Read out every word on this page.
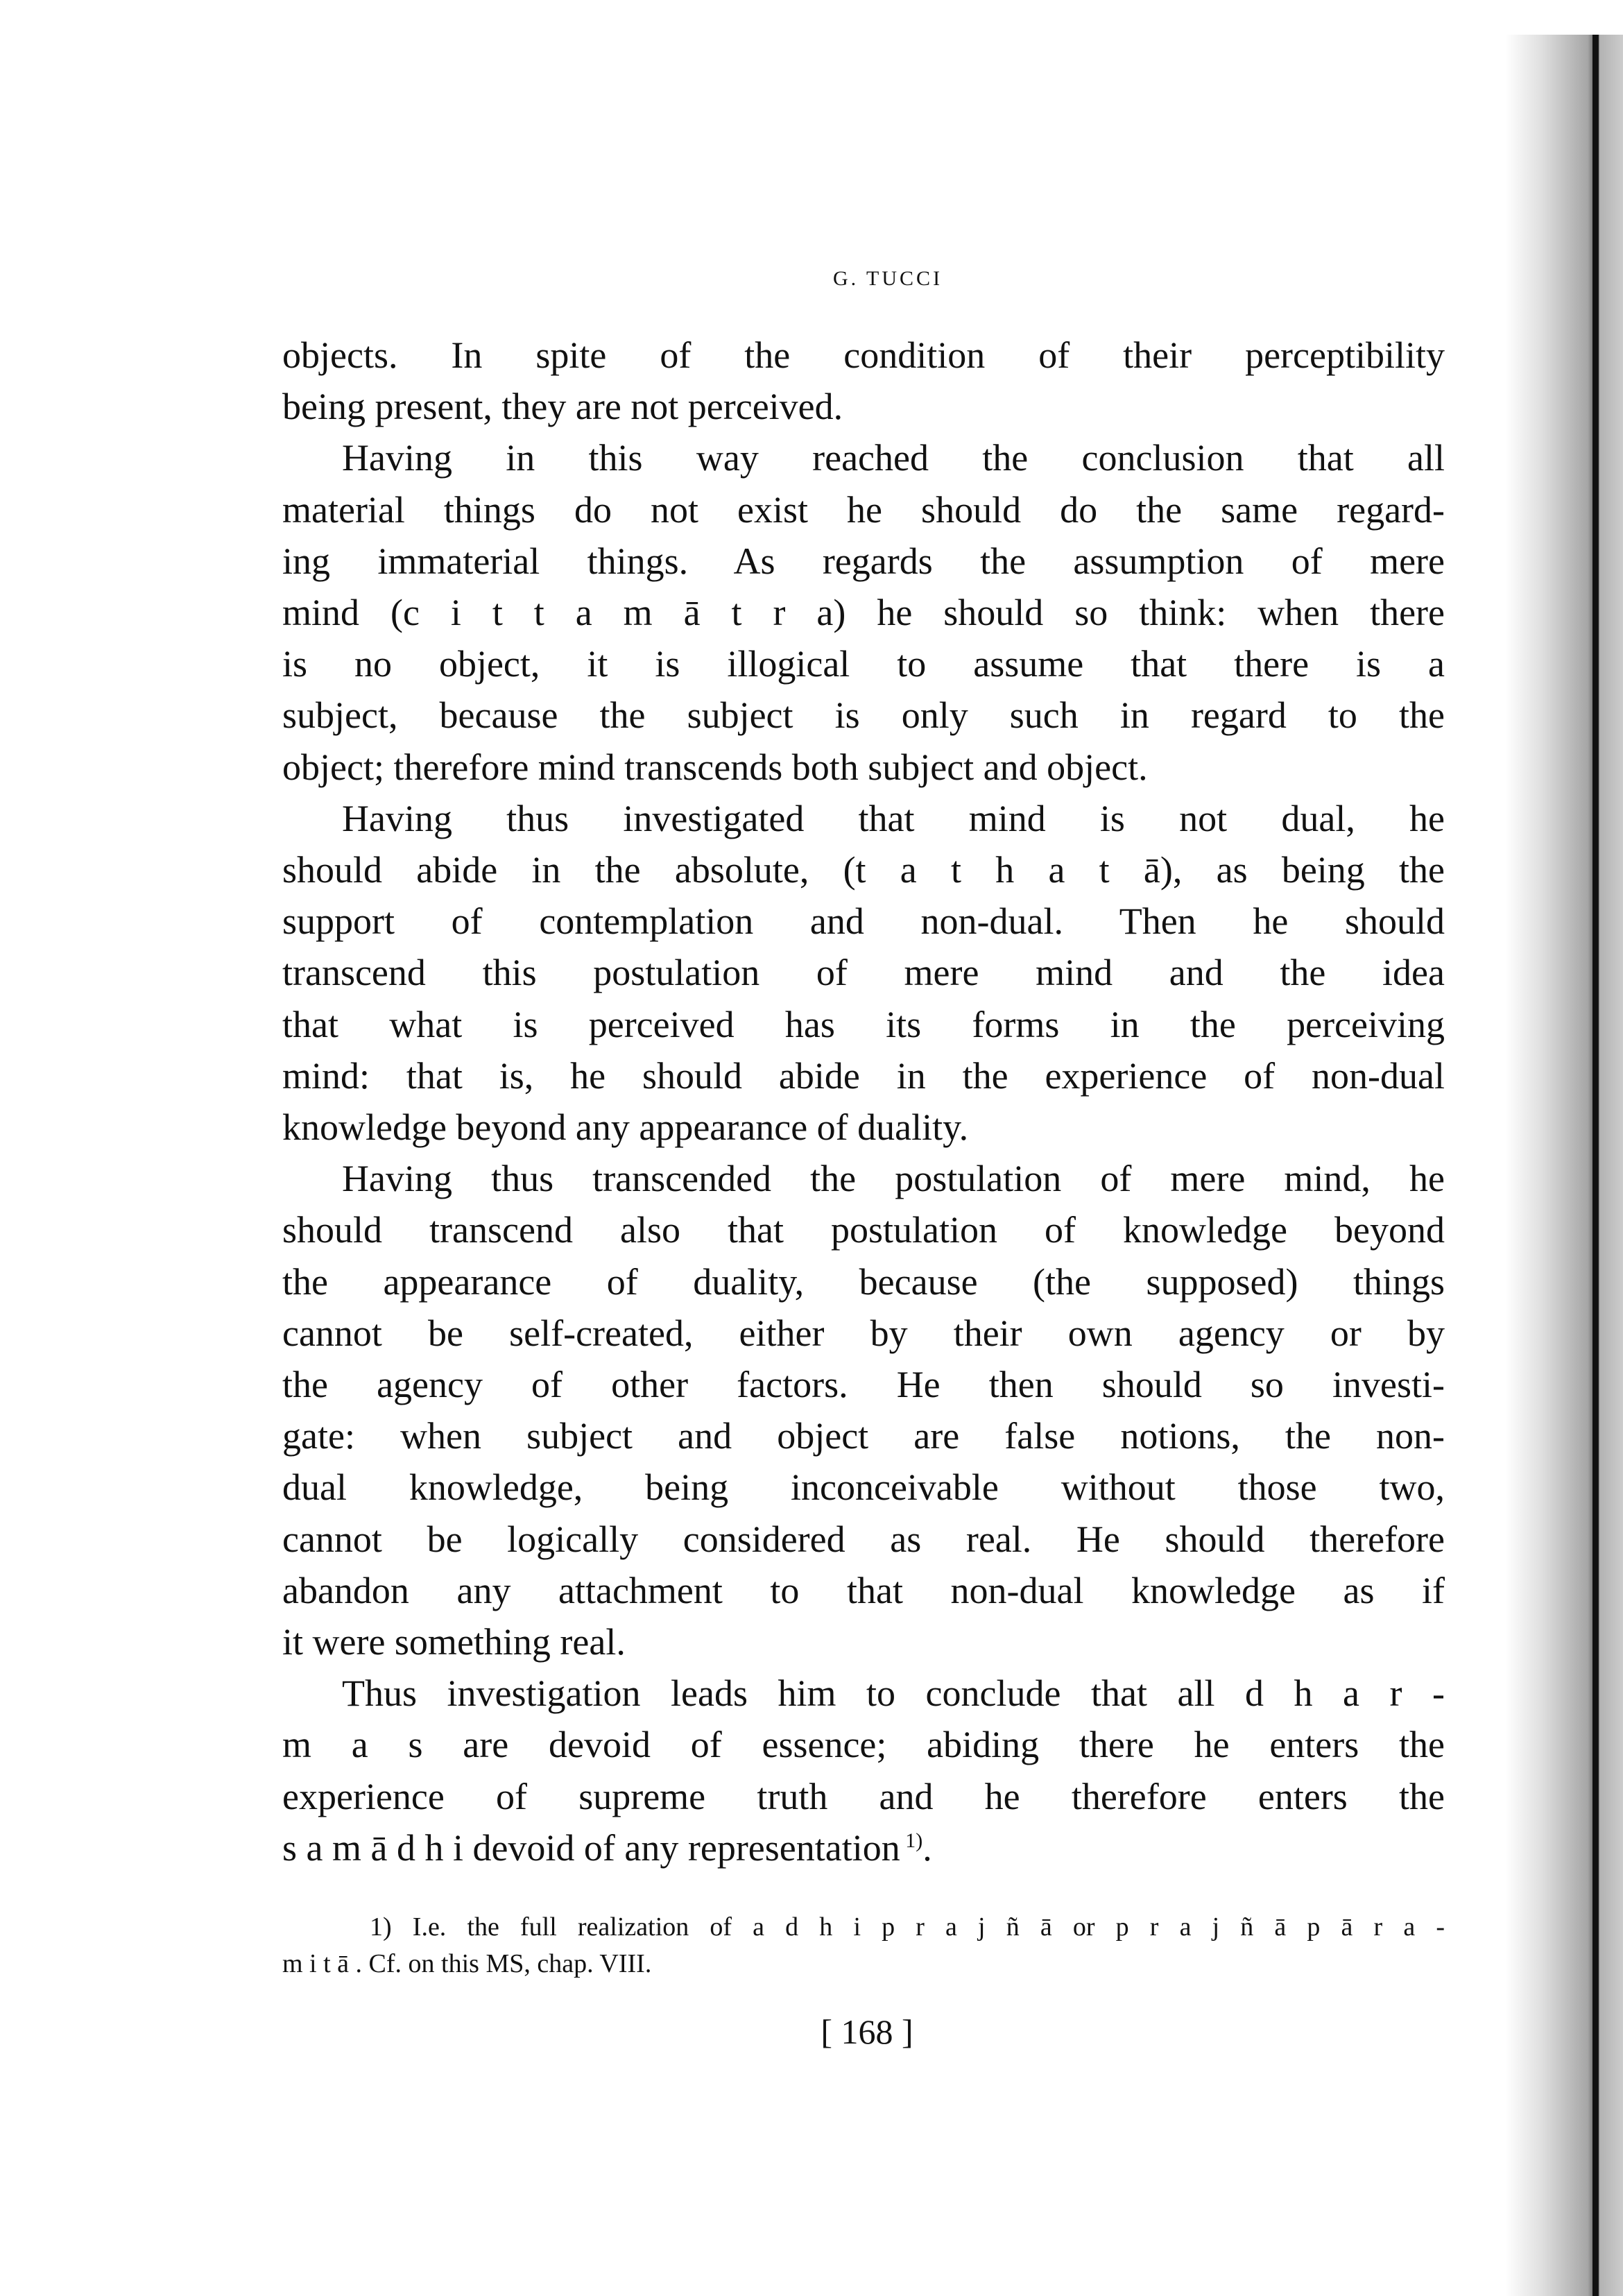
G. TUCCI
objects. In spite of the condition of their perceptibility
being present, they are not perceived.
Having in this way reached the conclusion that all
material things do not exist he should do the same regard-
ing immaterial things. As regards the assumption of mere
mind (c i t t a m ā t r a) he should so think: when there
is no object, it is illogical to assume that there is a
subject, because the subject is only such in regard to the
object; therefore mind transcends both subject and object.
Having thus investigated that mind is not dual, he
should abide in the absolute, (t a t h a t ā), as being the
support of contemplation and non-dual. Then he should
transcend this postulation of mere mind and the idea
that what is perceived has its forms in the perceiving
mind: that is, he should abide in the experience of non-dual
knowledge beyond any appearance of duality.
Having thus transcended the postulation of mere mind, he
should transcend also that postulation of knowledge beyond
the appearance of duality, because (the supposed) things
cannot be self-created, either by their own agency or by
the agency of other factors. He then should so investi-
gate: when subject and object are false notions, the non-
dual knowledge, being inconceivable without those two,
cannot be logically considered as real. He should therefore
abandon any attachment to that non-dual knowledge as if
it were something real.
Thus investigation leads him to conclude that all d h a r -
m a s are devoid of essence; abiding there he enters the
experience of supreme truth and he therefore enters the
s a m ā d h i devoid of any representation $^{1)}$.
1) I.e. the full realization of a d h i p r a j ñ ā or p r a j ñ ā p ā r a -
m i t ā . Cf. on this MS, chap. VIII.
[ 168 ]
